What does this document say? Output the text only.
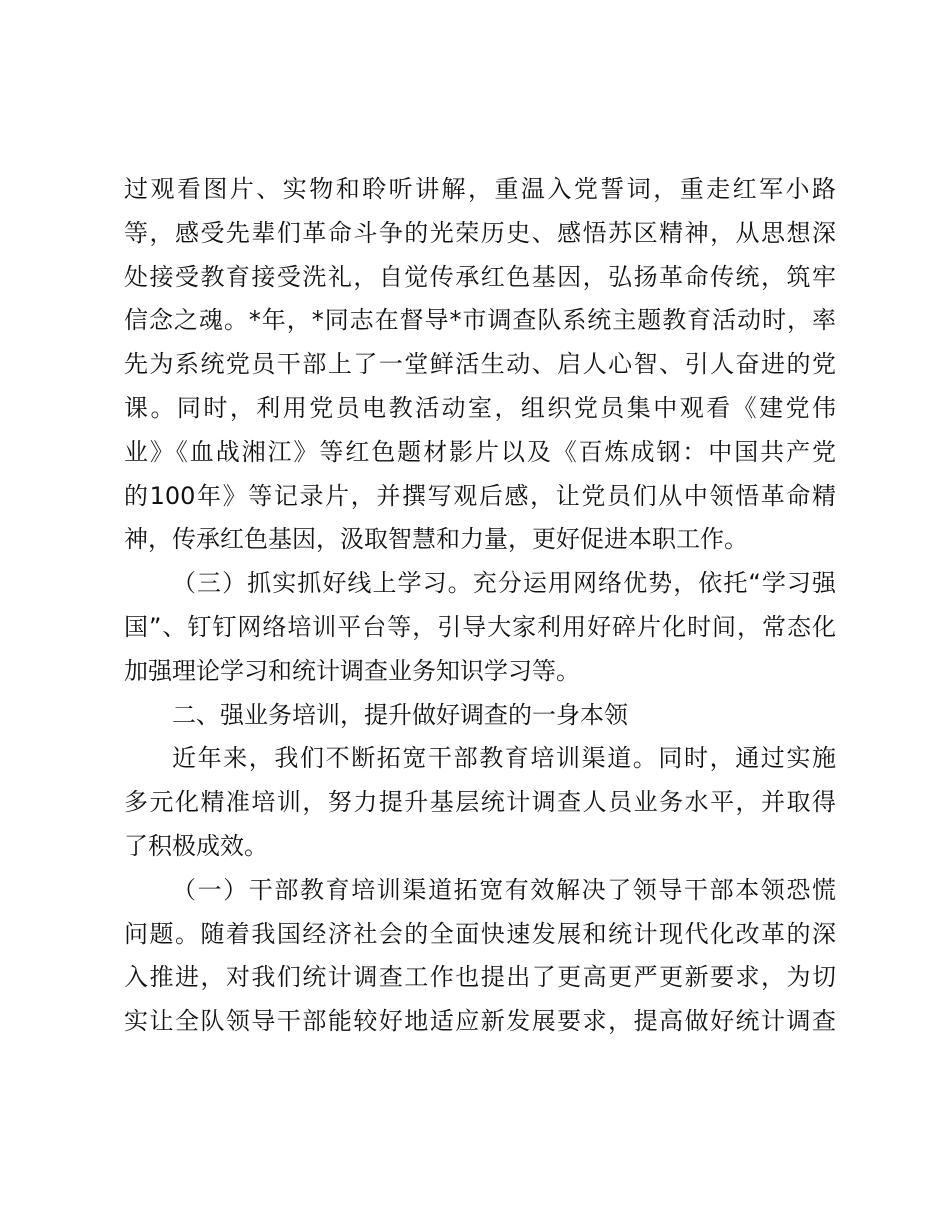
过观看图片、实物和聆听讲解，重温入党誓词，重走红军小路
等，感受先辈们革命斗争的光荣历史、感悟苏区精神，从思想深
处接受教育接受洗礼，自觉传承红色基因，弘扬革命传统，筑牢
信念之魂。*年，*同志在督导*市调查队系统主题教育活动时，率
先为系统党员干部上了一堂鲜活生动、启人心智、引人奋进的党
课。同时，利用党员电教活动室，组织党员集中观看《建党伟
业》《血战湘江》等红色题材影片以及《百炼成钢：中国共产党
的100年》等记录片，并撰写观后感，让党员们从中领悟革命精
神，传承红色基因，汲取智慧和力量，更好促进本职工作。
（三）抓实抓好线上学习。充分运用网络优势，依托“学习强
国”、钉钉网络培训平台等，引导大家利用好碎片化时间，常态化
加强理论学习和统计调查业务知识学习等。
二、强业务培训，提升做好调查的一身本领
近年来，我们不断拓宽干部教育培训渠道。同时，通过实施
多元化精准培训，努力提升基层统计调查人员业务水平，并取得
了积极成效。
（一）干部教育培训渠道拓宽有效解决了领导干部本领恐慌
问题。随着我国经济社会的全面快速发展和统计现代化改革的深
入推进，对我们统计调查工作也提出了更高更严更新要求，为切
实让全队领导干部能较好地适应新发展要求，提高做好统计调查
